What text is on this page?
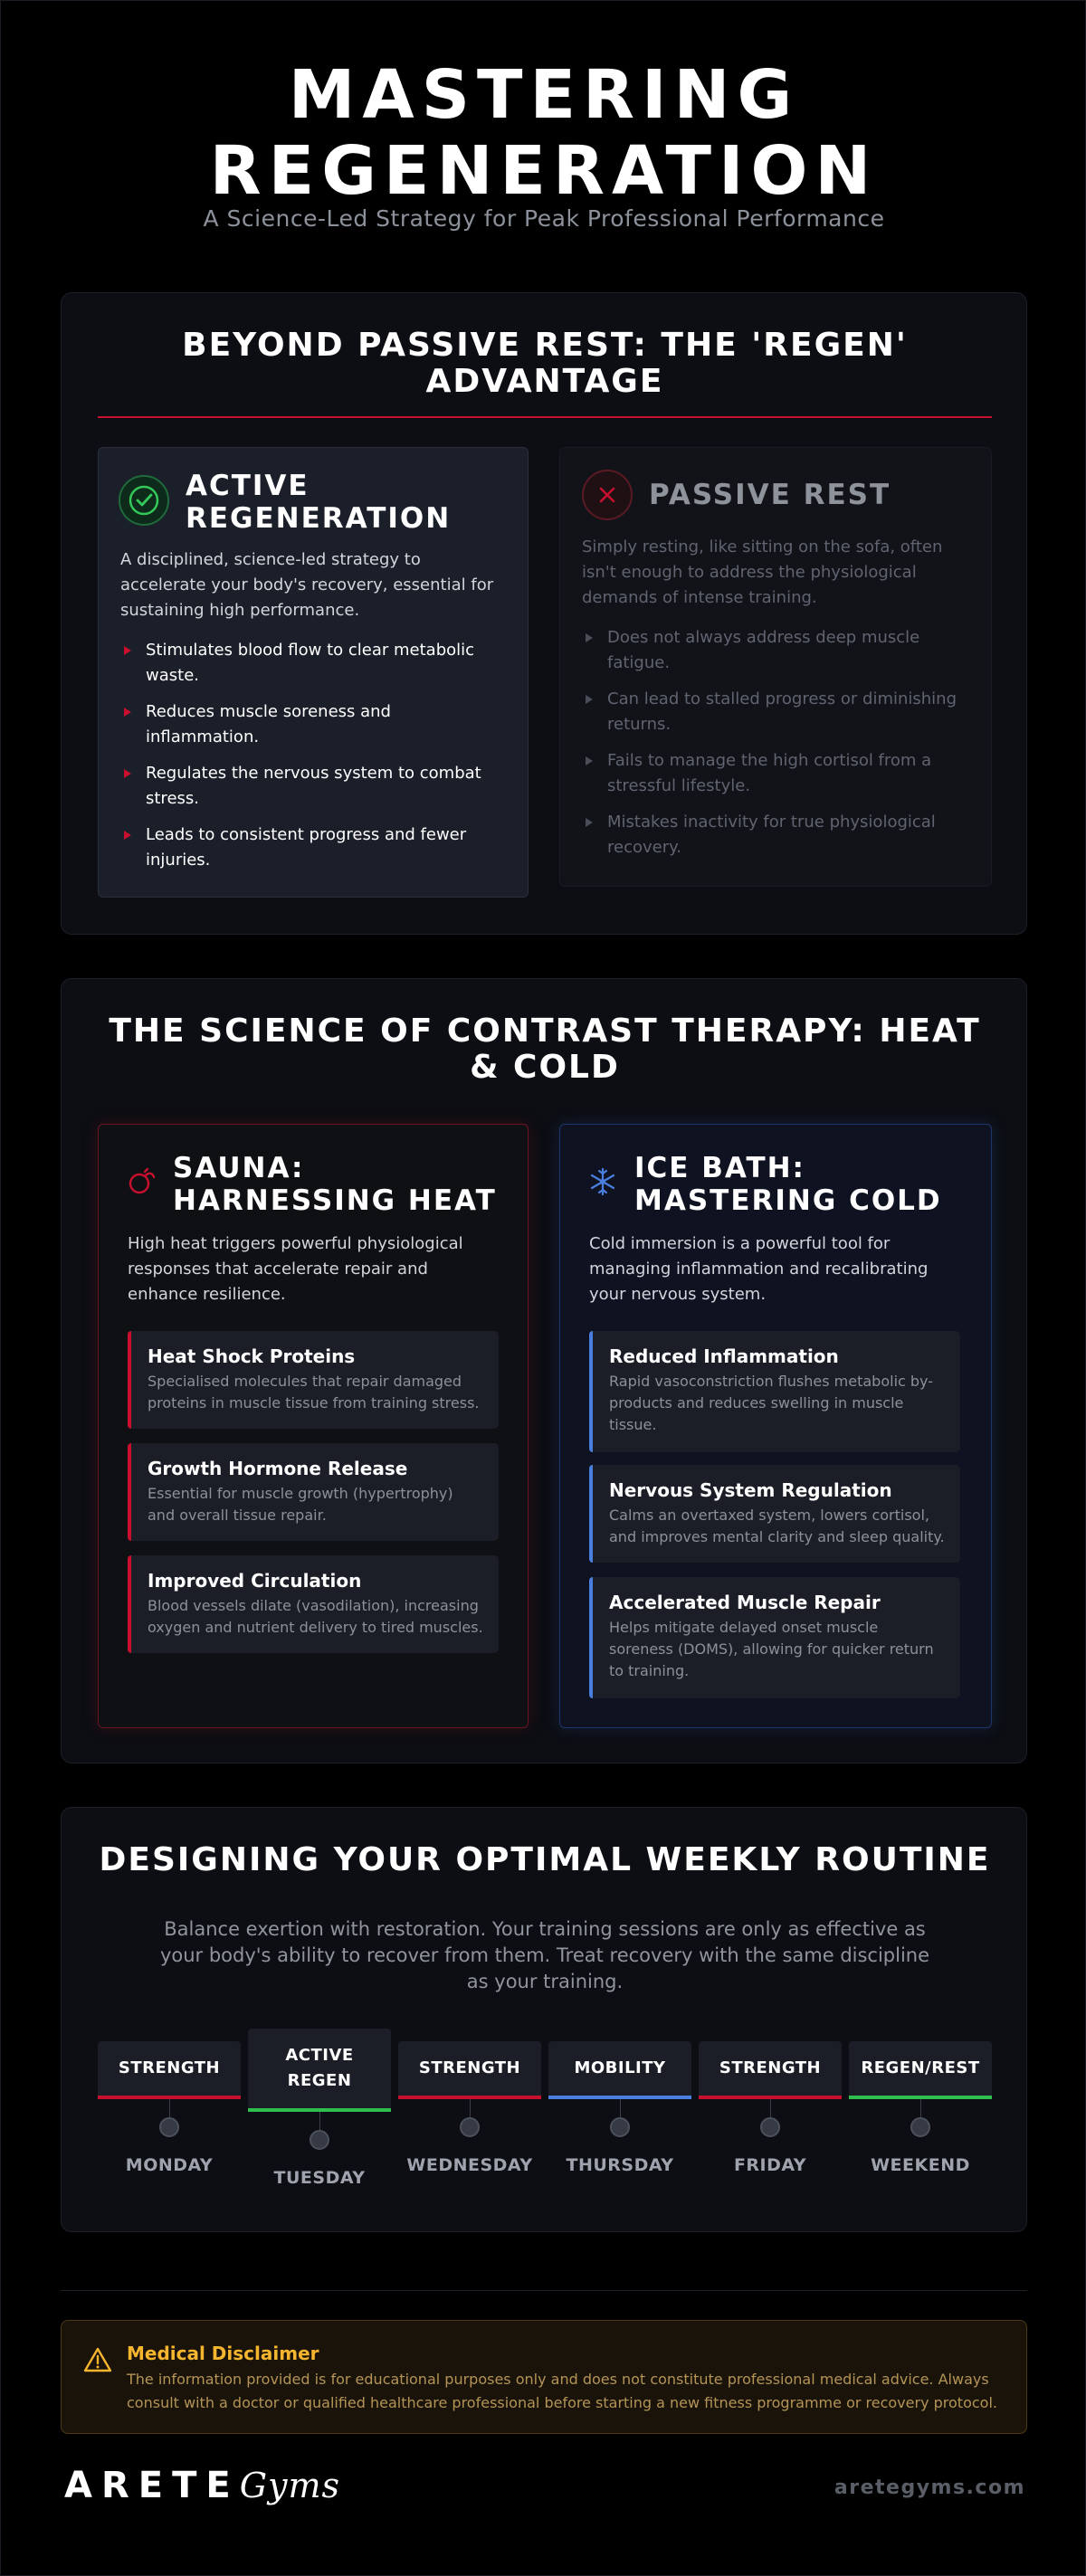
MASTERING
REGENERATION
A Science-Led Strategy for Peak Professional Performance
BEYOND PASSIVE REST: THE 'REGEN'
ADVANTAGE
ACTIVE
REGENERATION
A disciplined, science-led strategy to accelerate your body's recovery, essential for sustaining high performance.
Stimulates blood flow to clear metabolic waste.
Reduces muscle soreness and inflammation.
Regulates the nervous system to combat stress.
Leads to consistent progress and fewer injuries.
PASSIVE REST
Simply resting, like sitting on the sofa, often isn't enough to address the physiological demands of intense training.
Does not always address deep muscle fatigue.
Can lead to stalled progress or diminishing returns.
Fails to manage the high cortisol from a stressful lifestyle.
Mistakes inactivity for true physiological recovery.
THE SCIENCE OF CONTRAST THERAPY: HEAT
& COLD
SAUNA:
HARNESSING HEAT
High heat triggers powerful physiological responses that accelerate repair and enhance resilience.
Heat Shock Proteins
Specialised molecules that repair damaged proteins in muscle tissue from training stress.
Growth Hormone Release
Essential for muscle growth (hypertrophy) and overall tissue repair.
Improved Circulation
Blood vessels dilate (vasodilation), increasing oxygen and nutrient delivery to tired muscles.
ICE BATH:
MASTERING COLD
Cold immersion is a powerful tool for managing inflammation and recalibrating your nervous system.
Reduced Inflammation
Rapid vasoconstriction flushes metabolic by-products and reduces swelling in muscle tissue.
Nervous System Regulation
Calms an overtaxed system, lowers cortisol, and improves mental clarity and sleep quality.
Accelerated Muscle Repair
Helps mitigate delayed onset muscle soreness (DOMS), allowing for quicker return to training.
DESIGNING YOUR OPTIMAL WEEKLY ROUTINE
Balance exertion with restoration. Your training sessions are only as effective as your body's ability to recover from them. Treat recovery with the same discipline as your training.
STRENGTH
MONDAY
ACTIVE
REGEN
TUESDAY
STRENGTH
WEDNESDAY
MOBILITY
THURSDAY
STRENGTH
FRIDAY
REGEN/REST
WEEKEND
Medical Disclaimer
The information provided is for educational purposes only and does not constitute professional medical advice. Always consult with a doctor or qualified healthcare professional before starting a new fitness programme or recovery protocol.
ARETEGyms	aretegyms.com
